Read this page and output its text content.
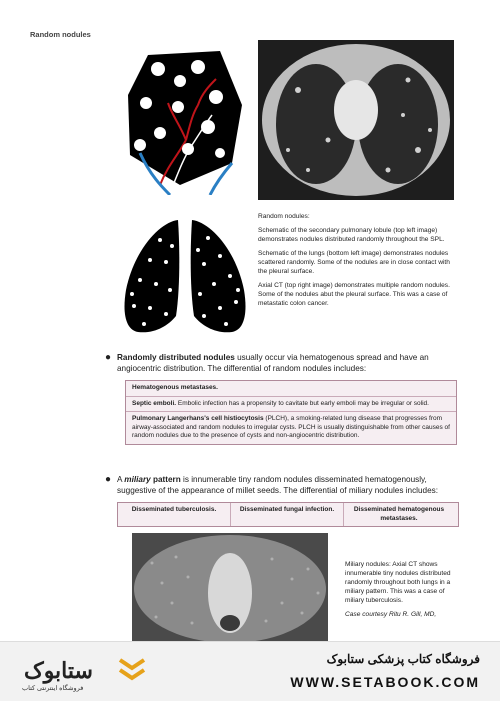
Random nodules

Random nodules:

Schematic of the secondary pulmonary lobule (top left image) demonstrates nodules distributed randomly throughout the SPL.

Schematic of the lungs (bottom left image) demonstrates nodules scattered randomly. Some of the nodules are in close contact with the pleural surface.

Axial CT (top right image) demonstrates multiple random nodules. Some of the nodules abut the pleural surface. This was a case of metastatic colon cancer.

● Randomly distributed nodules usually occur via hematogenous spread and have an angiocentric distribution. The differential of random nodules includes:
Hematogenous metastases.
Septic emboli. Embolic infection has a propensity to cavitate but early emboli may be irregular or solid.
Pulmonary Langerhans's cell histiocytosis (PLCH), a smoking-related lung disease that progresses from airway-associated and random nodules to irregular cysts. PLCH is usually distinguishable from other causes of random nodules due to the presence of cysts and non-angiocentric distribution.
● A miliary pattern is innumerable tiny random nodules disseminated hematogenously, suggestive of the appearance of millet seeds. The differential of miliary nodules includes:
Disseminated tuberculosis.	Disseminated fungal infection.	Disseminated hematogenous metastases.

Miliary nodules: Axial CT shows innumerable tiny nodules distributed randomly throughout both lungs in a miliary pattern. This was a case of miliary tuberculosis.

Case courtesy Ritu R. Gill, MD,

ستابوک
فروشگاه اینترنتی کتاب
فروشگاه کتاب پزشکی ستابوک
WWW.SETABOOK.COM
